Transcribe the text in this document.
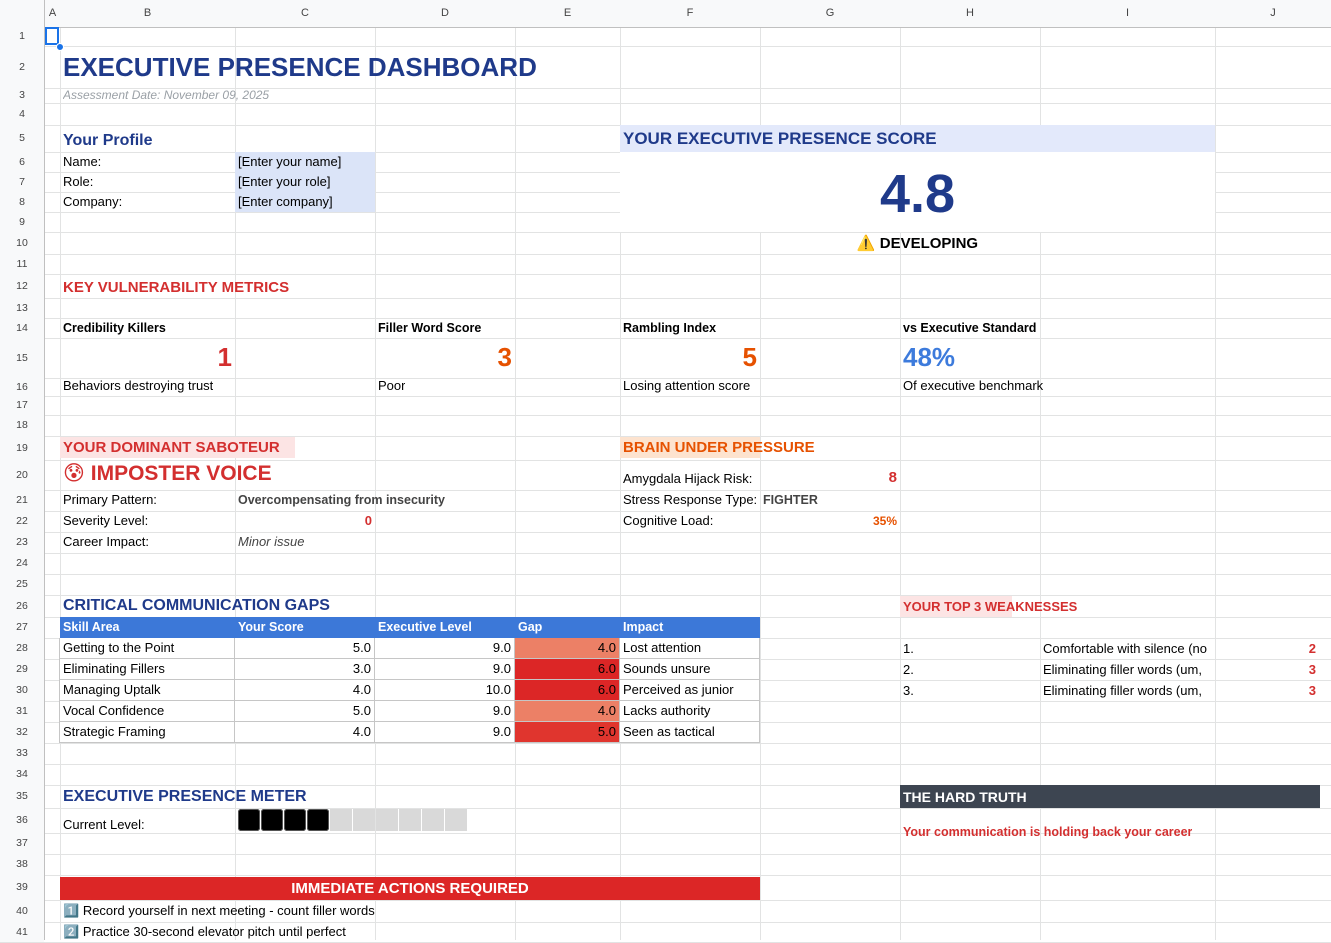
A	B	C	D	E	F	G	H	I	J
1
2
3
4
5
6
7
8
9
10
11
12
13
14
15
16
17
18
19
20
21
22
23
24
25
26
27
28
29
30
31
32
33
34
35
36
37
38
39
40
41
EXECUTIVE PRESENCE DASHBOARD
Assessment Date: November 09, 2025
Your Profile
Name:	[Enter your name]
Role:	[Enter your role]
Company:	[Enter company]
YOUR EXECUTIVE PRESENCE SCORE
4.8
⚠️ DEVELOPING
KEY VULNERABILITY METRICS
Credibility Killers
1
Behaviors destroying trust
Filler Word Score
3
Poor
Rambling Index
5
Losing attention score
vs Executive Standard
48%
Of executive benchmark
YOUR DOMINANT SABOTEUR
😰 IMPOSTER VOICE
Primary Pattern:	Overcompensating from insecurity
Severity Level:	0
Career Impact:	Minor issue
BRAIN UNDER PRESSURE
Amygdala Hijack Risk:	8
Stress Response Type: FIGHTER
Cognitive Load:	35%
CRITICAL COMMUNICATION GAPS
Skill Area	Your Score	Executive Level	Gap	Impact
Getting to the Point	5.0	9.0	4.0 Lost attention
Eliminating Fillers	3.0	9.0	6.0 Sounds unsure
Managing Uptalk	4.0	10.0	6.0 Perceived as junior
Vocal Confidence	5.0	9.0	4.0 Lacks authority
Strategic Framing	4.0	9.0	5.0 Seen as tactical
YOUR TOP 3 WEAKNESSES
1.	Comfortable with silence (no	2
2.	Eliminating filler words (um,	3
3.	Eliminating filler words (um,	3
EXECUTIVE PRESENCE METER
Current Level:
THE HARD TRUTH
Your communication is holding back your career
IMMEDIATE ACTIONS REQUIRED
1️⃣ Record yourself in next meeting - count filler words
2️⃣ Practice 30-second elevator pitch until perfect
